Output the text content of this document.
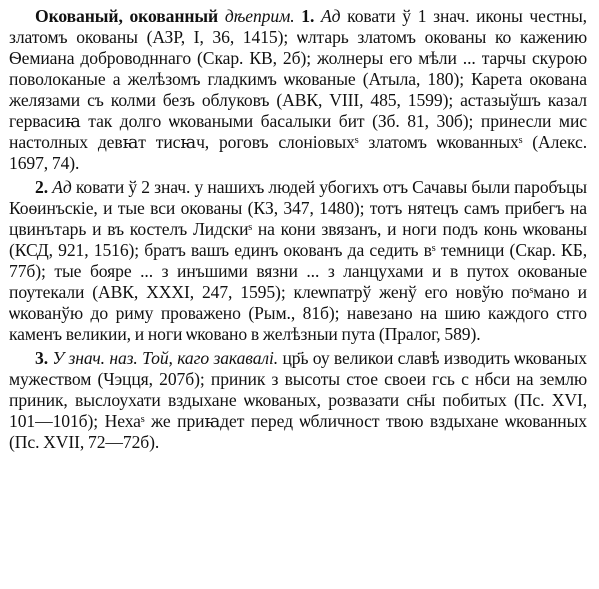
Окованый, окованный дѣеприм. 1. Ад ковати ў 1 знач. иконы честны, златомъ окованы (АЗР, I, 36, 1415); ѡлтарь златомъ окованы ко кажению Ѳемиана доброводннаго (Скар. КВ, 2б); жолнеры его мѣли ... тарчы скурою поволоканые а желѣзомъ гладкимъ ѡкованые (Атыла, 180); Карета окована желязами съ колми безъ облуковъ (АВК, VIII, 485, 1599); астазыўшъ казал гервасиꙗ так долго ѡковаными басалыки бит (Зб. 81, 30б); принесли мис настолных девꙗт тисꙗч, роговъ слоніовыхˢ златомъ ѡкованныхˢ (Алекс. 1697, 74).

2. Ад ковати ў 2 знач. у нашихъ людей убогихъ отъ Сачавы были паробъцы Коѳинъскіе, и тые вси окованы (КЗ, 347, 1480); тотъ нятецъ самъ прибегъ на цвинътарь и въ костелъ Лидскиˢ на кони звязанъ, и ноги подъ конь ѡкованы (КСД, 921, 1516); братъ вашъ единъ окованъ да седить вˢ темници (Скар. КБ, 77б); тые бояре ... з инъшими вязни ... з ланцухами и в путох окованые поутекали (АВК, XXXI, 247, 1595); клеѡпатрў женў его новўю поˢмано и ѡкованўю до риму проважено (Рым., 81б); навезано на шию каждого стго каменъ великии, и ноги ѡковано в желѣзныи пута (Пралог, 589).

3. У знач. наз. Той, каго закавалі. цр҃ь оу великои славѣ изводить ѡкованых мужеством (Чэцця, 207б); приник з высоты стое своеи гсь с нбси на землю приник, выслоухати вздыхане ѡкованых, розвазати сн҃ы побитых (Пс. XVI, 101—101б); Нехаˢ же приꙗдет перед ѡбличност твою вздыхане ѡкованных (Пс. XVII, 72—72б).
